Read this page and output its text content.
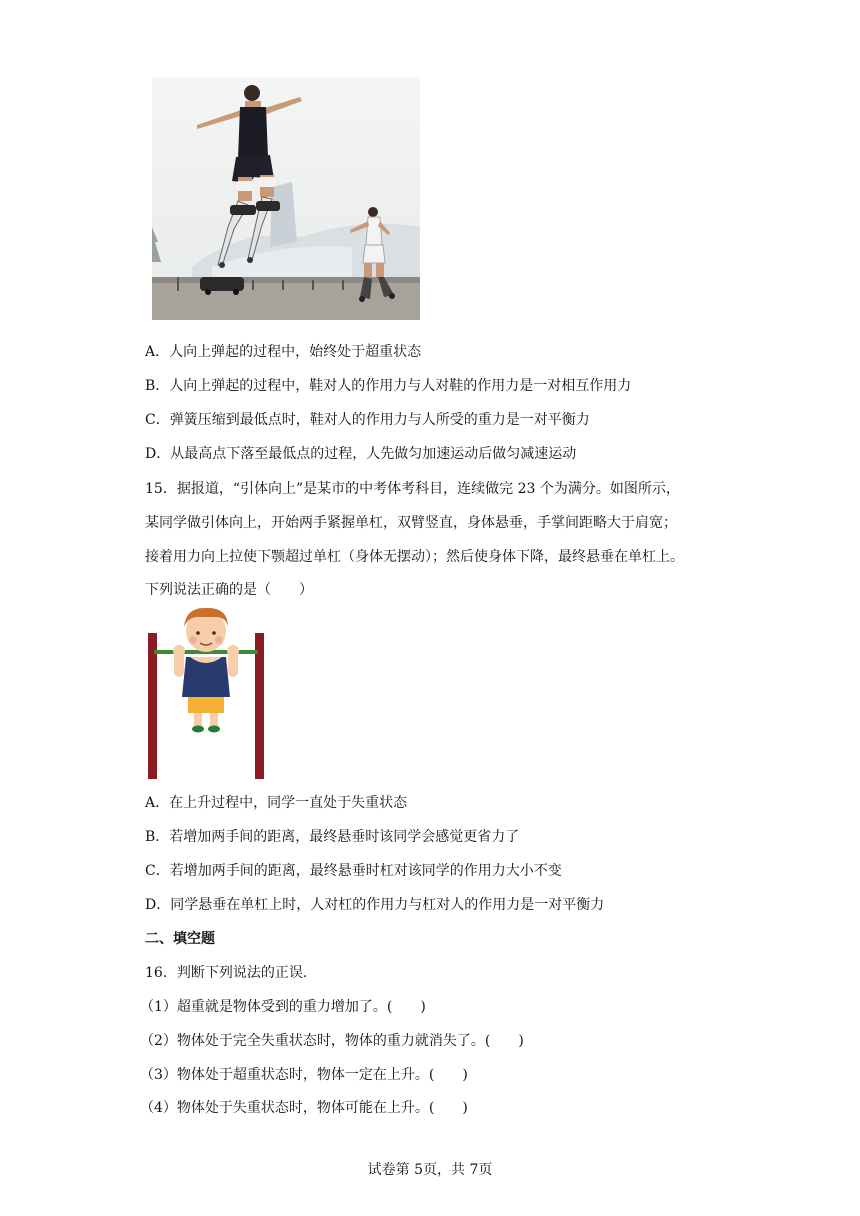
A．人向上弹起的过程中，始终处于超重状态
B．人向上弹起的过程中，鞋对人的作用力与人对鞋的作用力是一对相互作用力
C．弹簧压缩到最低点时，鞋对人的作用力与人所受的重力是一对平衡力
D．从最高点下落至最低点的过程，人先做匀加速运动后做匀减速运动
15．据报道，“引体向上”是某市的中考体考科目，连续做完 23 个为满分。如图所示，
某同学做引体向上，开始两手紧握单杠，双臂竖直，身体悬垂，手掌间距略大于肩宽；
接着用力向上拉使下颚超过单杠（身体无摆动）；然后使身体下降，最终悬垂在单杠上。
下列说法正确的是（　　）
A．在上升过程中，同学一直处于失重状态
B．若增加两手间的距离，最终悬垂时该同学会感觉更省力了
C．若增加两手间的距离，最终悬垂时杠对该同学的作用力大小不变
D．同学悬垂在单杠上时，人对杠的作用力与杠对人的作用力是一对平衡力
二、填空题
16．判断下列说法的正误.
（1）超重就是物体受到的重力增加了。(　　)
（2）物体处于完全失重状态时，物体的重力就消失了。(　　)
（3）物体处于超重状态时，物体一定在上升。(　　)
（4）物体处于失重状态时，物体可能在上升。(　　)
试卷第 5页，共 7页
